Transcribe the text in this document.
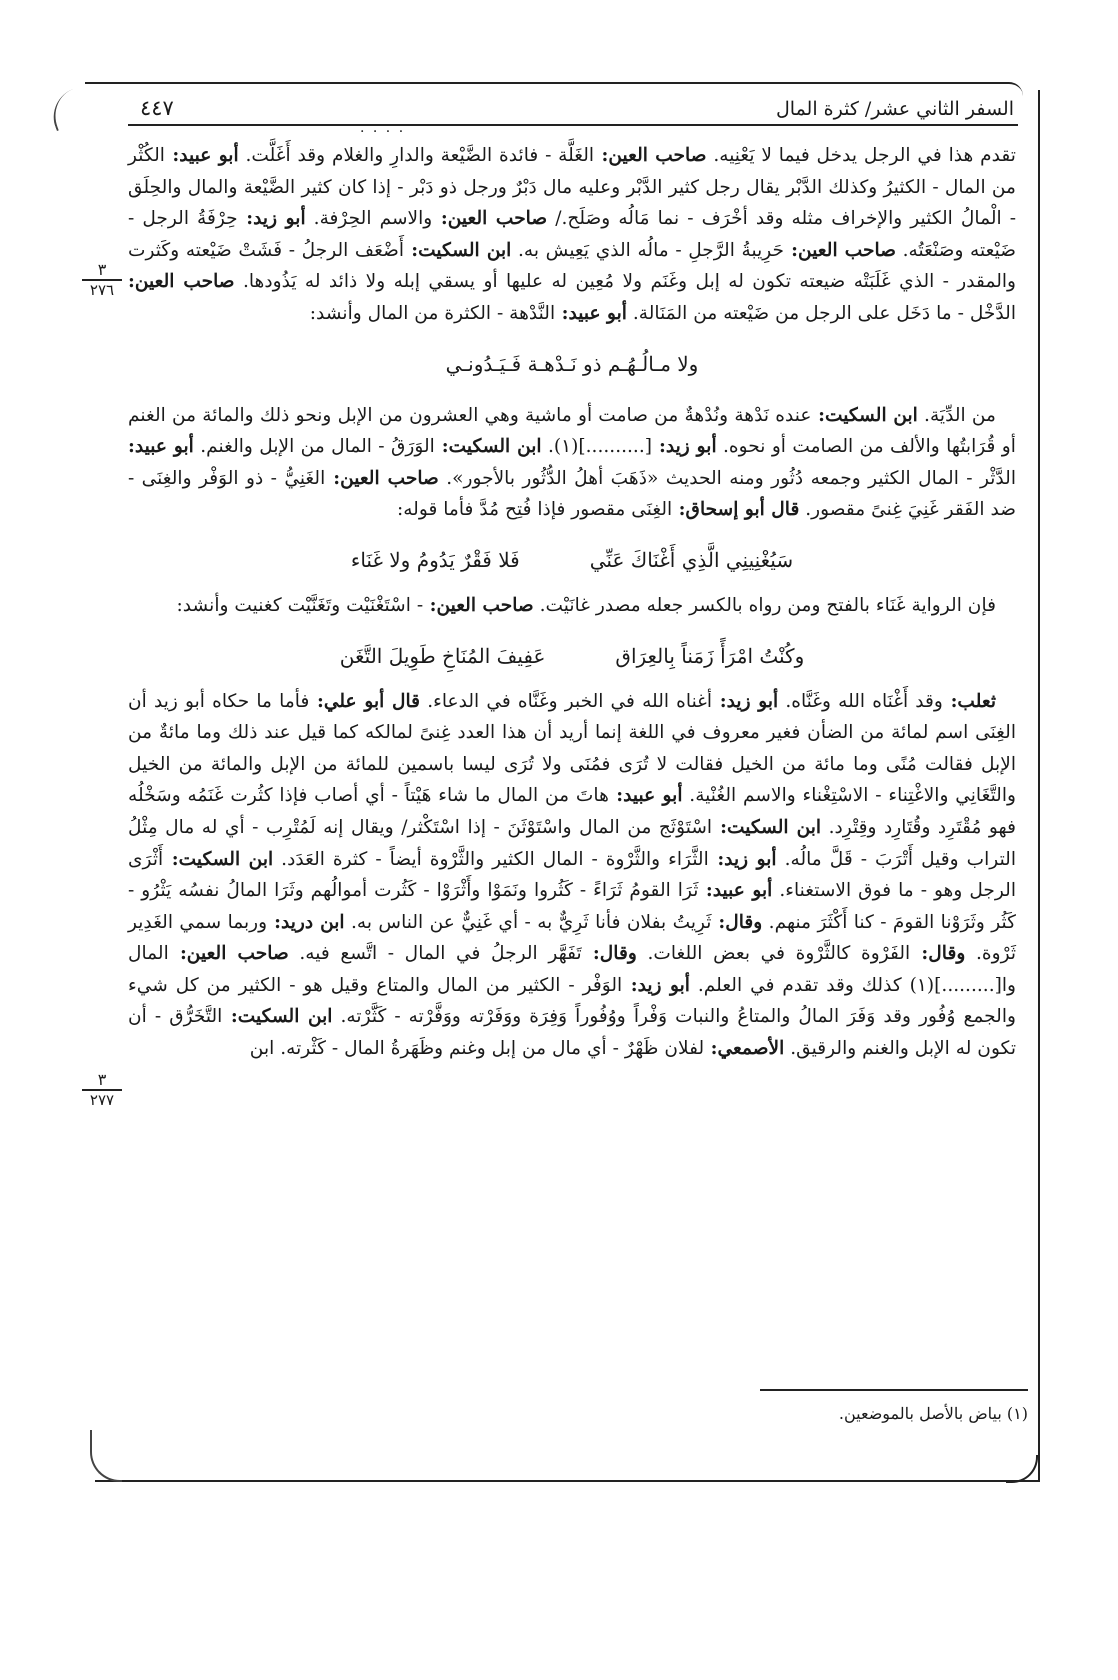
السفر الثاني عشر/ كثرة المال
٤٤٧
· · · ·

تقدم هذا في الرجل يدخل فيما لا يَعْنِيه. صاحب العين: الغَلَّة - فائدة الضَّيْعة والدارِ والغلام وقد أَغَلَّت. أبو عبيد: الكُثْر من المال - الكثيرُ وكذلك الدَّبْر يقال رجل كثير الدَّبْر وعليه مال دَبْرٌ ورجل ذو دَبْر - إذا كان كثير الضَّيْعة والمال والحِلَق - الْمالُ الكثير والإخراف مثله وقد أخْرَف - نما مَالُه وصَلَح./ صاحب العين: والاسم الحِرْفة. أبو زيد: حِرْفَةُ الرجل - ضَيْعته وصَنْعَتُه. صاحب العين: حَرِيبةُ الرَّجلِ - مالُه الذي يَعِيش به. ابن السكيت: أَضْعَف الرجلُ - فَشَتْ ضَيْعته وكَثرت والمقدر - الذي غَلَبَتْه ضيعته تكون له إبل وغَنَم ولا مُعِين له عليها أو يسقي إبله ولا ذائد له يَذُودها. صاحب العين: الدَّخْل - ما دَخَل على الرجل من ضَيْعته من المَنَالة. أبو عبيد: النَّدْهة - الكثرة من المال وأنشد:

ولا مـالُـهُـم ذو نَـدْهـة فَـيَـدُونـي

من الدِّيَة. ابن السكيت: عنده نَدْهة ونُدْهةٌ من صامت أو ماشية وهي العشرون من الإبل ونحو ذلك والمائة من الغنم أو قُرَابتُها والألف من الصامت أو نحوه. أبو زيد: [..........](١). ابن السكيت: الوَرَقُ - المال من الإبل والغنم. أبو عبيد: الدَّثْر - المال الكثير وجمعه دُثُور ومنه الحديث «ذَهَبَ أهلُ الدُّثُور بالأجور». صاحب العين: الغَنِيُّ - ذو الوَفْر والغِنَى - ضد الفَقر غَنِيَ غِنىً مقصور. قال أبو إسحاق: الغِنَى مقصور فإذا فُتِح مُدَّ فأما قوله:

سَيُغْنِينِي الَّذِي أَغْنَاكَ عَنِّي
فَلا فَقْرٌ يَدُومُ ولا غَنَاء

فإن الرواية غَنَاء بالفتح ومن رواه بالكسر جعله مصدر غانَيْت. صاحب العين: - اسْتَغْنَيْت وتَغَنَّيْت كغنيت وأنشد:

وكُنْتُ امْرَأً زَمَناً بِالعِرَاق
عَفِيفَ المُنَاخِ طَوِيلَ التَّغَن

ثعلب: وقد أَغْنَاه الله وغَنَّاه. أبو زيد: أغناه الله في الخبر وغَنَّاه في الدعاء. قال أبو علي: فأما ما حكاه أبو زيد أن الغِنَى اسم لمائة من الضأن فغير معروف في اللغة إنما أريد أن هذا العدد غِنىً لمالكه كما قيل عند ذلك وما مائةٌ من الإبل فقالت مُنًى وما مائة من الخيل فقالت لا تُرَى فمُنَى ولا تُرَى ليسا باسمين للمائة من الإبل والمائة من الخيل والتَّغَانِي والاغْتِناء - الاسْتِغْناء والاسم الغُنْية. أبو عبيد: هاتَ من المال ما شاء هَيْتاً - أي أصاب فإذا كثُرت غَنَمُه وسَخْلُه فهو مُقْتَرِد وقُتَارِد وقِتْرِد. ابن السكيت: اسْتَوْثَج من المال واسْتَوْثَنَ - إذا اسْتَكْثر/ ويقال إنه لَمُتْرِب - أي له مال مِثْلُ التراب وقيل أَتْرَبَ - قَلَّ مالُه. أبو زيد: الثَّرَاء والثَّرْوة - المال الكثير والثَّرْوة أيضاً - كثرة العَدَد. ابن السكيت: أَثْرَى الرجل وهو - ما فوق الاستغناء. أبو عبيد: ثَرَا القومُ ثَرَاءً - كَثُروا ونَمَوْا وأَثْرَوْا - كَثُرت أموالُهم وثَرَا المالُ نفسُه يَثْرُو - كَثُر وثَرَوْنا القومَ - كنا أَكْثَرَ منهم. وقال: ثَرِيتُ بفلان فأنا ثَرِيٌّ به - أي غَنِيٌّ عن الناس به. ابن دريد: وربما سمي الغَدِير ثَرْوة. وقال: الفَرْوة كالثَّرْوة في بعض اللغات. وقال: تَفَهَّر الرجلُ في المال - اتَّسع فيه. صاحب العين: المال وا[.........](١) كذلك وقد تقدم في العلم. أبو زيد: الوَفْر - الكثير من المال والمتاع وقيل هو - الكثير من كل شيء والجمع وُفُور وقد وَفَرَ المالُ والمتاعُ والنبات وَفْراً ووُفُوراً وَفِرَة ووَفَرْته ووَفَّرْته - كَثَّرْته. ابن السكيت: التَّخَرُّق - أن تكون له الإبل والغنم والرقيق. الأصمعي: لفلان ظَهْرٌ - أي مال من إبل وغنم وظَهَرةُ المال - كَثْرته. ابن

٣
٢٧٦
٣
٢٧٧
(١) بياض بالأصل بالموضعين.
